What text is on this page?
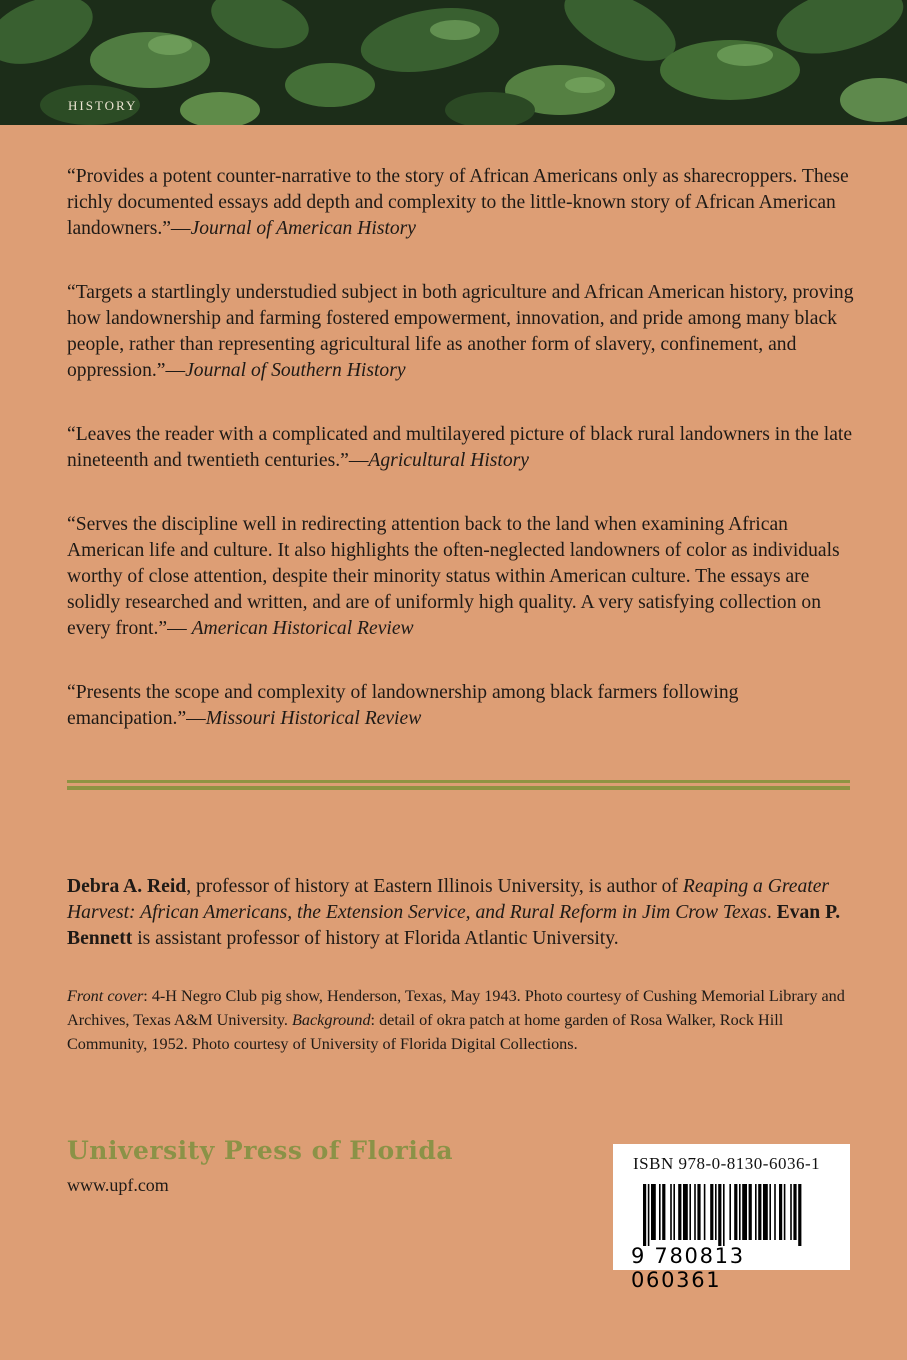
HISTORY

“Provides a potent counter-narrative to the story of African Americans only as sharecroppers. These richly documented essays add depth and complexity to the little-known story of African American landowners.”—Journal of American History

“Targets a startlingly understudied subject in both agriculture and African American history, proving how landownership and farming fostered empowerment, innovation, and pride among many black people, rather than representing agricultural life as another form of slavery, confinement, and oppression.”—Journal of Southern History

“Leaves the reader with a complicated and multilayered picture of black rural landowners in the late nineteenth and twentieth centuries.”—Agricultural History

“Serves the discipline well in redirecting attention back to the land when examining African American life and culture. It also highlights the often-neglected landowners of color as individuals worthy of close attention, despite their minority status within American culture. The essays are solidly researched and written, and are of uniformly high quality. A very satisfying collection on every front.”— American Historical Review

“Presents the scope and complexity of landownership among black farmers following emancipation.”—Missouri Historical Review

Debra A. Reid, professor of history at Eastern Illinois University, is author of Reaping a Greater Harvest: African Americans, the Extension Service, and Rural Reform in Jim Crow Texas. Evan P. Bennett is assistant professor of history at Florida Atlantic University.
Front cover: 4-H Negro Club pig show, Henderson, Texas, May 1943. Photo courtesy of Cushing Memorial Library and Archives, Texas A&M University. Background: detail of okra patch at home garden of Rosa Walker, Rock Hill Community, 1952. Photo courtesy of University of Florida Digital Collections.
University Press of Florida
www.upf.com
ISBN 978-0-8130-6036-1
9 780813 060361
